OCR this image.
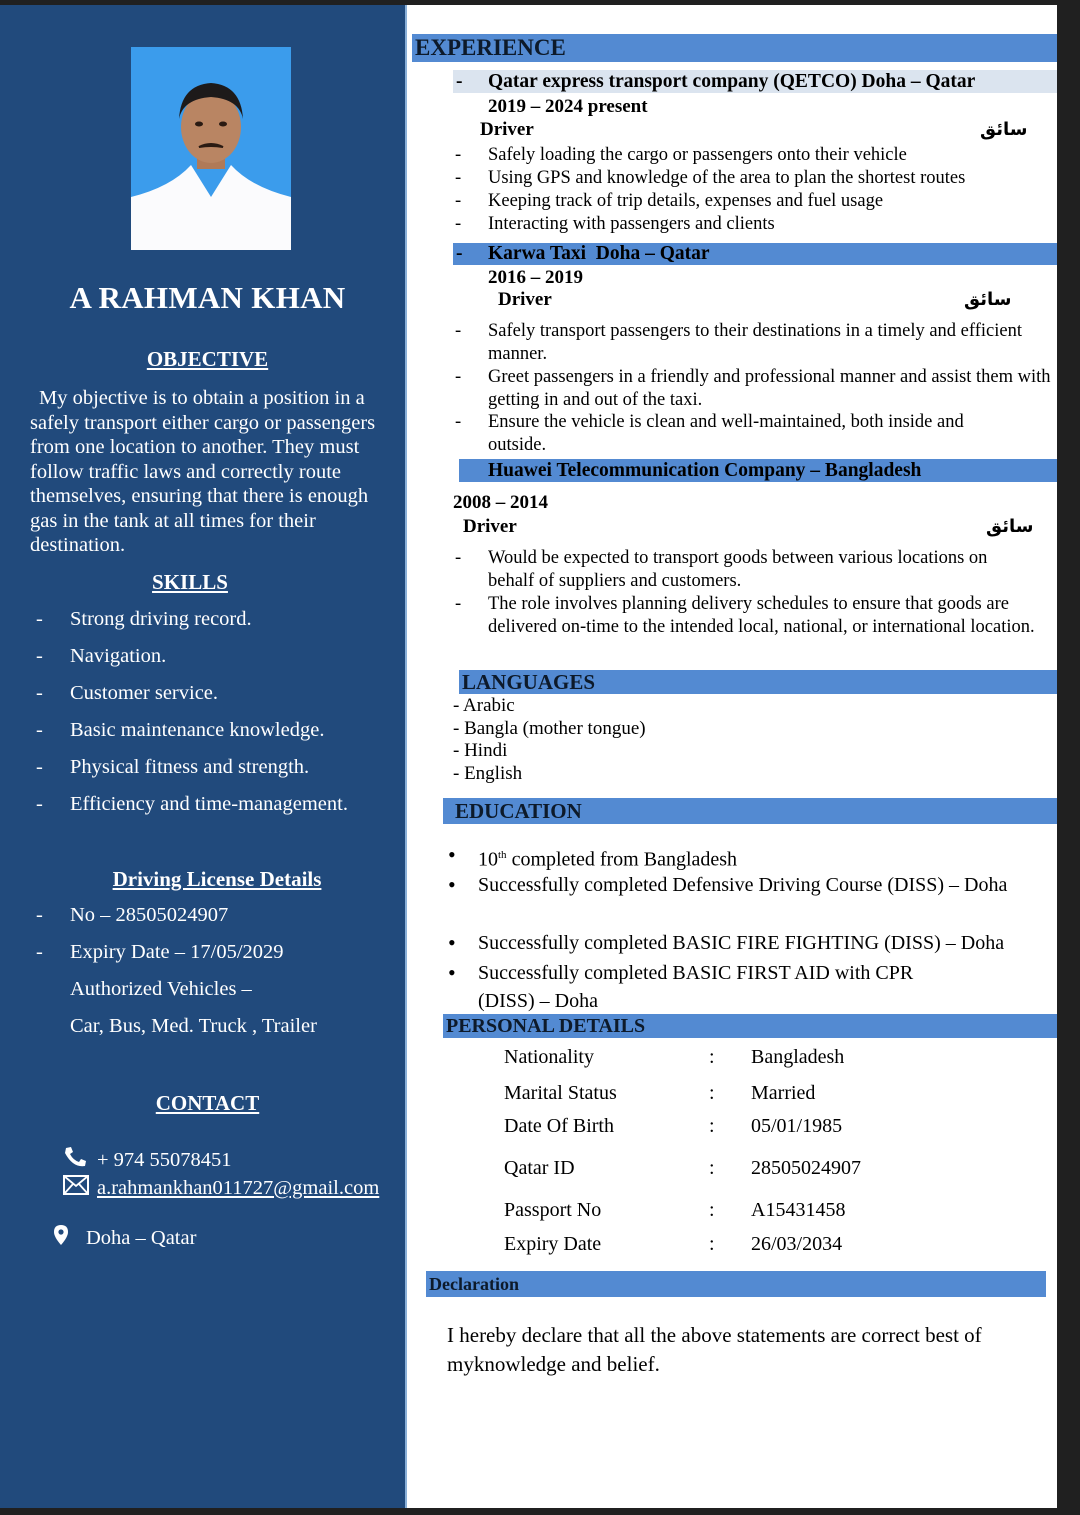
A RAHMAN KHAN
OBJECTIVE
My objective is to obtain a position in a safely transport either cargo or passengers from one location to another. They must follow traffic laws and correctly route themselves, ensuring that there is enough gas in the tank at all times for their destination.
SKILLS
-	Strong driving record.
-	Navigation.
-	Customer service.
-	Basic maintenance knowledge.
-	Physical fitness and strength.
-	Efficiency and time-management.
Driving License Details
-	No – 28505024907
-	Expiry Date – 17/05/2029
Authorized Vehicles –
Car, Bus, Med. Truck , Trailer
CONTACT
+ 974 55078451
a.rahmankhan011727@gmail.com
Doha – Qatar
EXPERIENCE
- Qatar express transport company (QETCO) Doha – Qatar
2019 – 2024 present
Driver	سائق
- Safely loading the cargo or passengers onto their vehicle
- Using GPS and knowledge of the area to plan the shortest routes
- Keeping track of trip details, expenses and fuel usage
- Interacting with passengers and clients
- Karwa Taxi  Doha – Qatar
2016 – 2019
Driver	سائق
- Safely transport passengers to their destinations in a timely and efficient manner.
- Greet passengers in a friendly and professional manner and assist them with getting in and out of the taxi.
- Ensure the vehicle is clean and well-maintained, both inside and outside.
Huawei Telecommunication Company – Bangladesh
2008 – 2014
Driver	سائق
- Would be expected to transport goods between various locations on behalf of suppliers and customers.
- The role involves planning delivery schedules to ensure that goods are delivered on-time to the intended local, national, or international location.
LANGUAGES
- Arabic
- Bangla (mother tongue)
- Hindi
- English
EDUCATION
• 10th completed from Bangladesh
• Successfully completed Defensive Driving Course (DISS) – Doha
• Successfully completed BASIC FIRE FIGHTING (DISS) – Doha
• Successfully completed BASIC FIRST AID with CPR (DISS) – Doha
PERSONAL DETAILS
Nationality	:	Bangladesh
Marital Status	:	Married
Date Of Birth	:	05/01/1985
Qatar ID	:	28505024907
Passport No	:	A15431458
Expiry Date	:	26/03/2034
Declaration
I hereby declare that all the above statements are correct best of myknowledge and belief.
